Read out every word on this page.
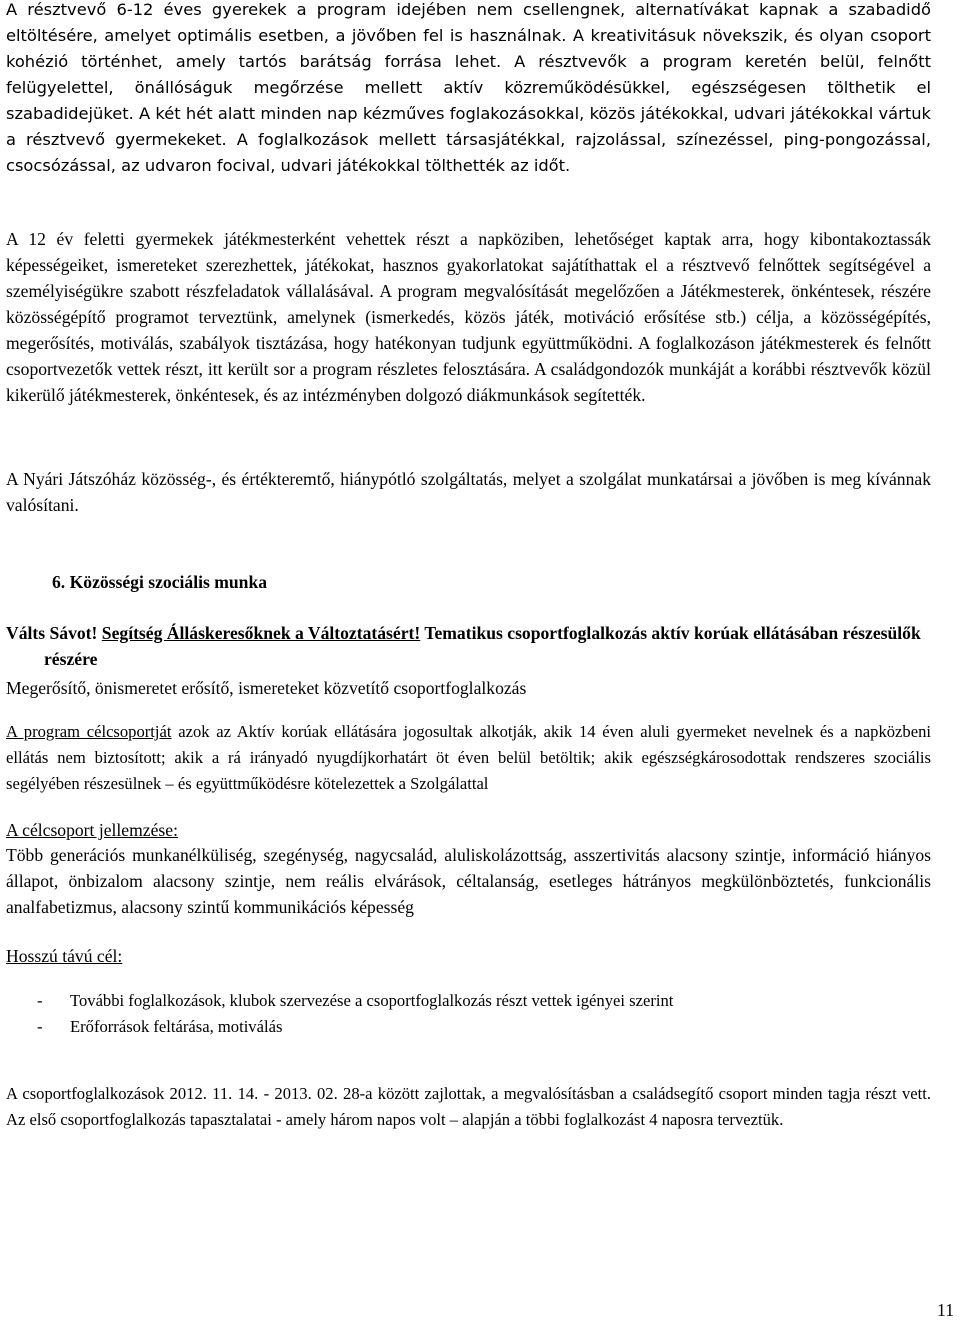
A résztvevő 6-12 éves gyerekek a program idejében nem csellengnek, alternatívákat kapnak a szabadidő eltöltésére, amelyet optimális esetben, a jövőben fel is használnak. A kreativitásuk növekszik, és olyan csoport kohézió történhet, amely tartós barátság forrása lehet. A résztvevők a program keretén belül, felnőtt felügyelettel, önállóságuk megőrzése mellett aktív közreműködésükkel, egészségesen tölthetik el szabadidejüket. A két hét alatt minden nap kézműves foglakozásokkal, közös játékokkal, udvari játékokkal vártuk a résztvevő gyermekeket. A foglalkozások mellett társasjátékkal, rajzolással, színezéssel, ping-pongozással, csocsózással, az udvaron focival, udvari játékokkal tölthették az időt.

A 12 év feletti gyermekek játékmesterként vehettek részt a napköziben, lehetőséget kaptak arra, hogy kibontakoztassák képességeiket, ismereteket szerezhettek, játékokat, hasznos gyakorlatokat sajátíthattak el a résztvevő felnőttek segítségével a személyiségükre szabott részfeladatok vállalásával. A program megvalósítását megelőzően a Játékmesterek, önkéntesek, részére közösségépítő programot terveztünk, amelynek (ismerkedés, közös játék, motiváció erősítése stb.) célja, a közösségépítés, megerősítés, motiválás, szabályok tisztázása, hogy hatékonyan tudjunk együttműködni. A foglalkozáson játékmesterek és felnőtt csoportvezetők vettek részt, itt került sor a program részletes felosztására. A családgondozók munkáját a korábbi résztvevők közül kikerülő játékmesterek, önkéntesek, és az intézményben dolgozó diákmunkások segítették.

A Nyári Játszóház közösség-, és értékteremtő, hiánypótló szolgáltatás, melyet a szolgálat munkatársai a jövőben is meg kívánnak valósítani.

6. Közösségi szociális munka

Válts Sávot! Segítség Álláskeresőknek a Változtatásért! Tematikus csoportfoglalkozás aktív korúak ellátásában részesülők részére

Megerősítő, önismeretet erősítő, ismereteket közvetítő csoportfoglalkozás

A program célcsoportját azok az Aktív korúak ellátására jogosultak alkotják, akik 14 éven aluli gyermeket nevelnek és a napközbeni ellátás nem biztosított; akik a rá irányadó nyugdíjkorhatárt öt éven belül betöltik; akik egészségkárosodottak rendszeres szociális segélyében részesülnek – és együttműködésre kötelezettek a Szolgálattal

A célcsoport jellemzése:

Több generációs munkanélküliség, szegénység, nagycsalád, aluliskolázottság, asszertivitás alacsony szintje, információ hiányos állapot, önbizalom alacsony szintje, nem reális elvárások, céltalanság, esetleges hátrányos megkülönböztetés, funkcionális analfabetizmus, alacsony szintű kommunikációs képesség

Hosszú távú cél:

- További foglalkozások, klubok szervezése a csoportfoglalkozás részt vettek igényei szerint
- Erőforrások feltárása, motiválás

A csoportfoglalkozások 2012. 11. 14. - 2013. 02. 28-a között zajlottak, a megvalósításban a családsegítő csoport minden tagja részt vett. Az első csoportfoglalkozás tapasztalatai - amely három napos volt – alapján a többi foglalkozást 4 naposra terveztük.

11
